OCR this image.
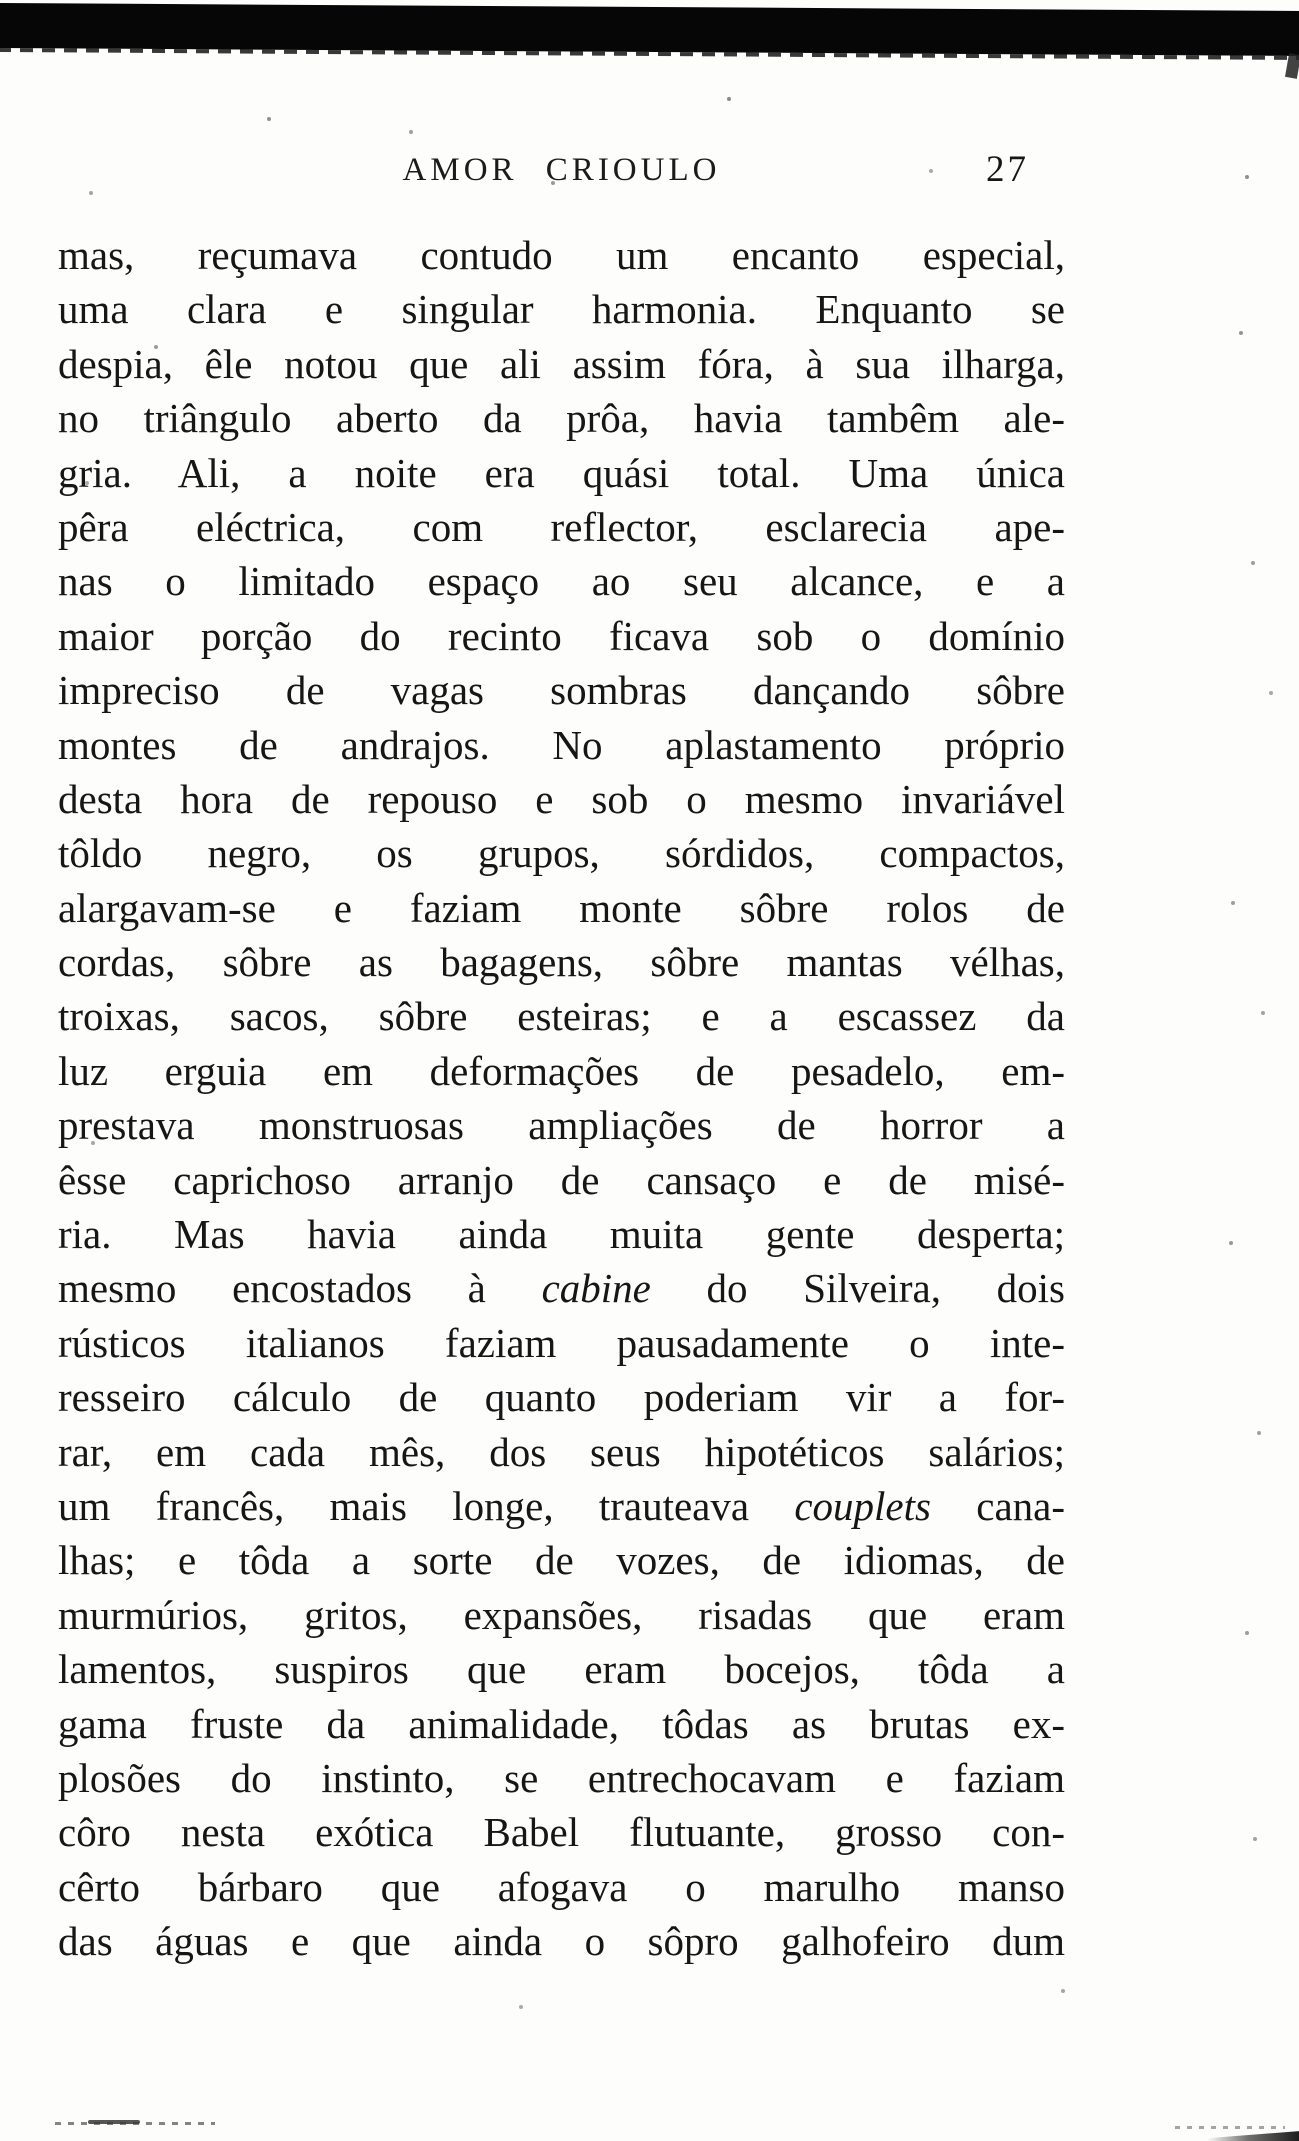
AMOR CRIOULO	27
mas, reçumava contudo um encanto especial,
uma clara e singular harmonia. Enquanto se
despia, êle notou que ali assim fóra, à sua ilharga,
no triângulo aberto da prôa, havia tambêm ale-
gria. Ali, a noite era quási total. Uma única
pêra eléctrica, com reflector, esclarecia ape-
nas o limitado espaço ao seu alcance, e a
maior porção do recinto ficava sob o domínio
impreciso de vagas sombras dançando sôbre
montes de andrajos. No aplastamento próprio
desta hora de repouso e sob o mesmo invariável
tôldo negro, os grupos, sórdidos, compactos,
alargavam-se e faziam monte sôbre rolos de
cordas, sôbre as bagagens, sôbre mantas vélhas,
troixas, sacos, sôbre esteiras; e a escassez da
luz erguia em deformações de pesadelo, em-
prestava monstruosas ampliações de horror a
êsse caprichoso arranjo de cansaço e de misé-
ria. Mas havia ainda muita gente desperta;
mesmo encostados à cabine do Silveira, dois
rústicos italianos faziam pausadamente o inte-
resseiro cálculo de quanto poderiam vir a for-
rar, em cada mês, dos seus hipotéticos salários;
um francês, mais longe, trauteava couplets cana-
lhas; e tôda a sorte de vozes, de idiomas, de
murmúrios, gritos, expansões, risadas que eram
lamentos, suspiros que eram bocejos, tôda a
gama fruste da animalidade, tôdas as brutas ex-
plosões do instinto, se entrechocavam e faziam
côro nesta exótica Babel flutuante, grosso con-
cêrto bárbaro que afogava o marulho manso
das águas e que ainda o sôpro galhofeiro dum
